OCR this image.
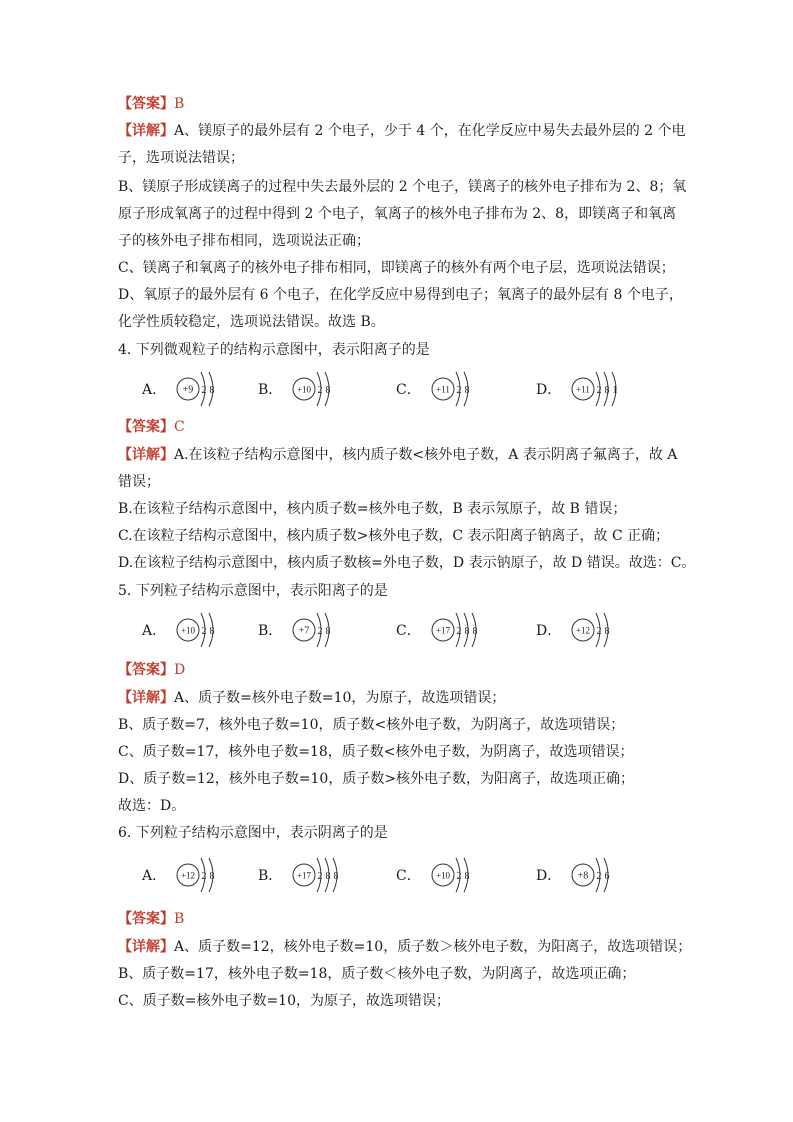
【答案】B
【详解】A、镁原子的最外层有 2 个电子，少于 4 个，在化学反应中易失去最外层的 2 个电
子，选项说法错误；
B、镁原子形成镁离子的过程中失去最外层的 2 个电子，镁离子的核外电子排布为 2、8；氧
原子形成氧离子的过程中得到 2 个电子，氧离子的核外电子排布为 2、8，即镁离子和氧离
子的核外电子排布相同，选项说法正确；
C、镁离子和氧离子的核外电子排布相同，即镁离子的核外有两个电子层，选项说法错误；
D、氧原子的最外层有 6 个电子，在化学反应中易得到电子；氧离子的最外层有 8 个电子，
化学性质较稳定，选项说法错误。故选 B。
4. 下列微观粒子的结构示意图中，表示阳离子的是
A． +9 2 8	B． +10 2 8	C． +11 2 8	D． +11 2 8 1
【答案】C
【详解】A.在该粒子结构示意图中，核内质子数<核外电子数，A 表示阴离子氟离子，故 A
错误；
B.在该粒子结构示意图中，核内质子数=核外电子数，B 表示氖原子，故 B 错误；
C.在该粒子结构示意图中，核内质子数>核外电子数，C 表示阳离子钠离子，故 C 正确；
D.在该粒子结构示意图中，核内质子数核=外电子数，D 表示钠原子，故 D 错误。故选：C。
5. 下列粒子结构示意图中，表示阳离子的是
A． +10 2 8	B． +7 2 8	C． +17 2 8 8	D． +12 2 8
【答案】D
【详解】A、质子数=核外电子数=10，为原子，故选项错误；
B、质子数=7，核外电子数=10，质子数<核外电子数，为阴离子，故选项错误；
C、质子数=17，核外电子数=18，质子数<核外电子数，为阴离子，故选项错误；
D、质子数=12，核外电子数=10，质子数>核外电子数，为阳离子，故选项正确；
故选：D。
6. 下列粒子结构示意图中，表示阴离子的是
A． +12 2 8	B． +17 2 8 8	C． +10 2 8	D． +8 2 6
【答案】B
【详解】A、质子数=12，核外电子数=10，质子数＞核外电子数，为阳离子，故选项错误；
B、质子数=17，核外电子数=18，质子数＜核外电子数，为阴离子，故选项正确；
C、质子数=核外电子数=10，为原子，故选项错误；
